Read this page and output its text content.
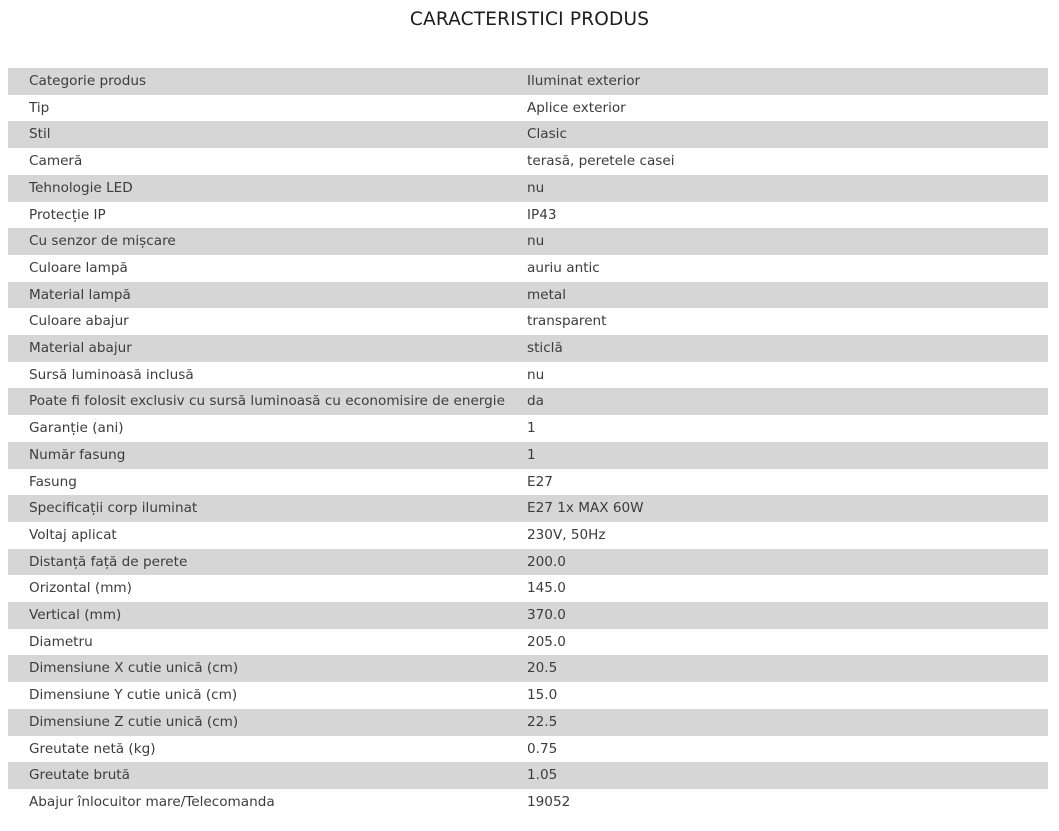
CARACTERISTICI PRODUS
Categorie produs	Iluminat exterior
Tip	Aplice exterior
Stil	Clasic
Cameră	terasă, peretele casei
Tehnologie LED	nu
Protecție IP	IP43
Cu senzor de mișcare	nu
Culoare lampă	auriu antic
Material lampă	metal
Culoare abajur	transparent
Material abajur	sticlă
Sursă luminoasă inclusă	nu
Poate fi folosit exclusiv cu sursă luminoasă cu economisire de energie	da
Garanție (ani)	1
Număr fasung	1
Fasung	E27
Specificații corp iluminat	E27 1x MAX 60W
Voltaj aplicat	230V, 50Hz
Distanță față de perete	200.0
Orizontal (mm)	145.0
Vertical (mm)	370.0
Diametru	205.0
Dimensiune X cutie unică (cm)	20.5
Dimensiune Y cutie unică (cm)	15.0
Dimensiune Z cutie unică (cm)	22.5
Greutate netă (kg)	0.75
Greutate brută	1.05
Abajur înlocuitor mare/Telecomanda	19052
